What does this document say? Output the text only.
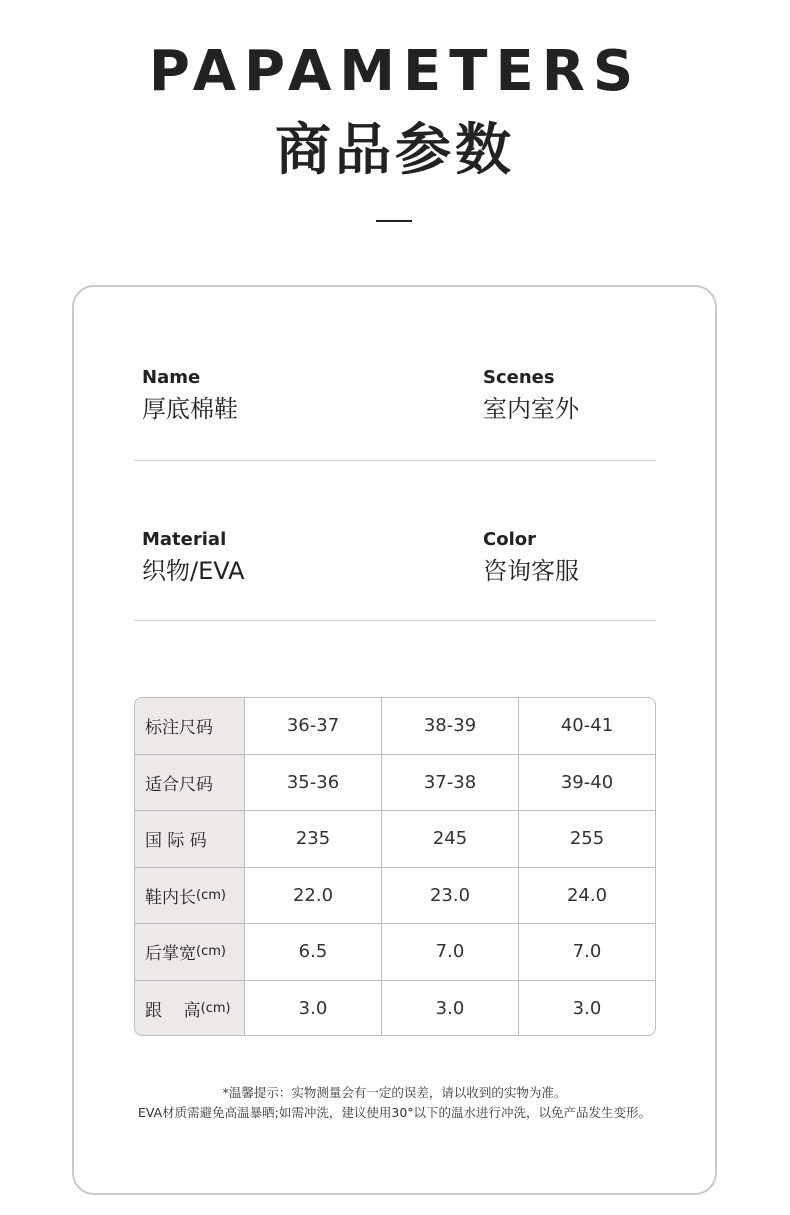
PAPAMETERS
商品参数
Name
厚底棉鞋
Scenes
室内室外
Material
织物/EVA
Color
咨询客服
标注尺码	36-37	38-39	40-41
适合尺码	35-36	37-38	39-40
国 际 码	235	245	255
鞋内长 (cm)	22.0	23.0	24.0
后掌宽 (cm)	6.5	7.0	7.0
跟    高 (cm)	3.0	3.0	3.0
*温馨提示：实物测量会有一定的误差，请以收到的实物为准。
EVA材质需避免高温暴晒;如需冲洗，建议使用30°以下的温水进行冲洗，以免产品发生变形。
